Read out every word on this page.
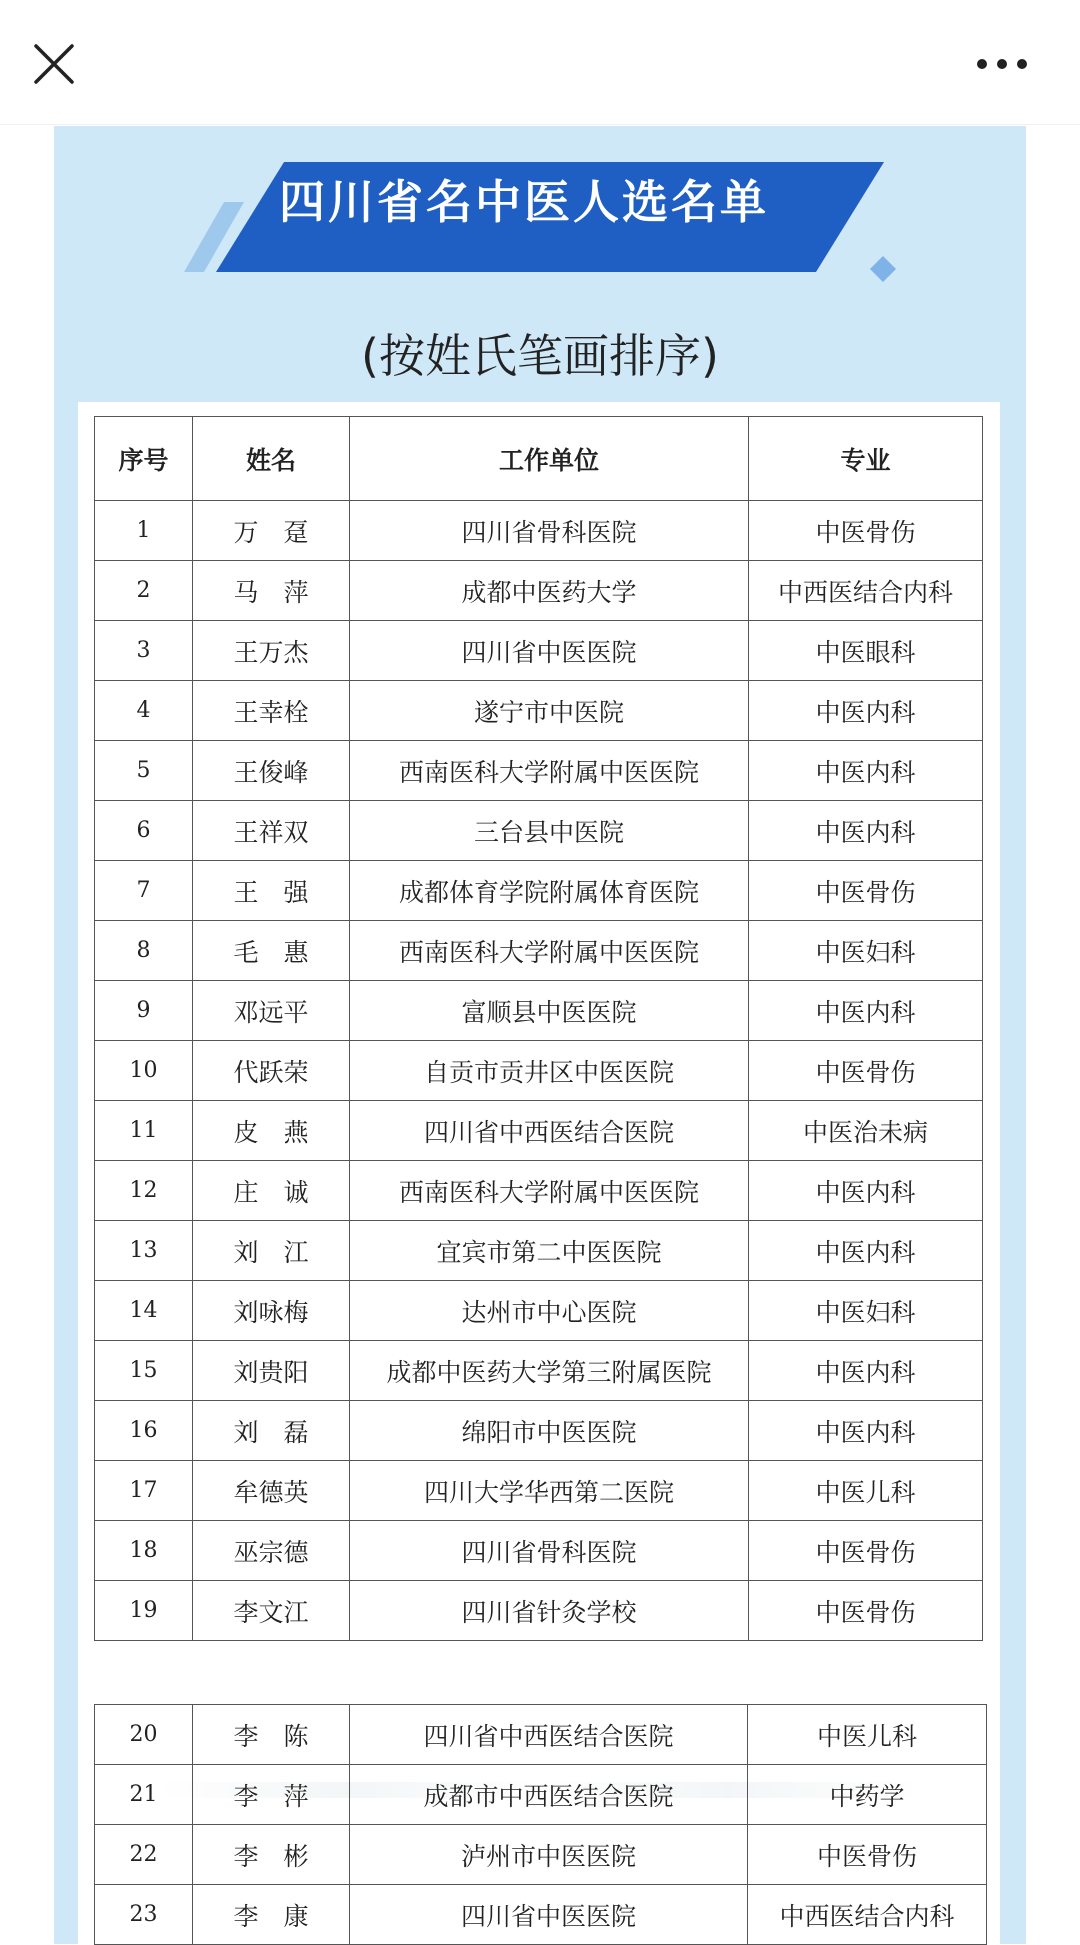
四川省名中医人选名单
(按姓氏笔画排序)
序号	姓名	工作单位	专业
1	万　趸	四川省骨科医院	中医骨伤
2	马　萍	成都中医药大学	中西医结合内科
3	王万杰	四川省中医医院	中医眼科
4	王幸栓	遂宁市中医院	中医内科
5	王俊峰	西南医科大学附属中医医院	中医内科
6	王祥双	三台县中医院	中医内科
7	王　强	成都体育学院附属体育医院	中医骨伤
8	毛　惠	西南医科大学附属中医医院	中医妇科
9	邓远平	富顺县中医医院	中医内科
10	代跃荣	自贡市贡井区中医医院	中医骨伤
11	皮　燕	四川省中西医结合医院	中医治未病
12	庄　诚	西南医科大学附属中医医院	中医内科
13	刘　江	宜宾市第二中医医院	中医内科
14	刘咏梅	达州市中心医院	中医妇科
15	刘贵阳	成都中医药大学第三附属医院	中医内科
16	刘　磊	绵阳市中医医院	中医内科
17	牟德英	四川大学华西第二医院	中医儿科
18	巫宗德	四川省骨科医院	中医骨伤
19	李文江	四川省针灸学校	中医骨伤
20	李　陈	四川省中西医结合医院	中医儿科
21	李　萍	成都市中西医结合医院	中药学
22	李　彬	泸州市中医医院	中医骨伤
23	李　康	四川省中医医院	中西医结合内科
